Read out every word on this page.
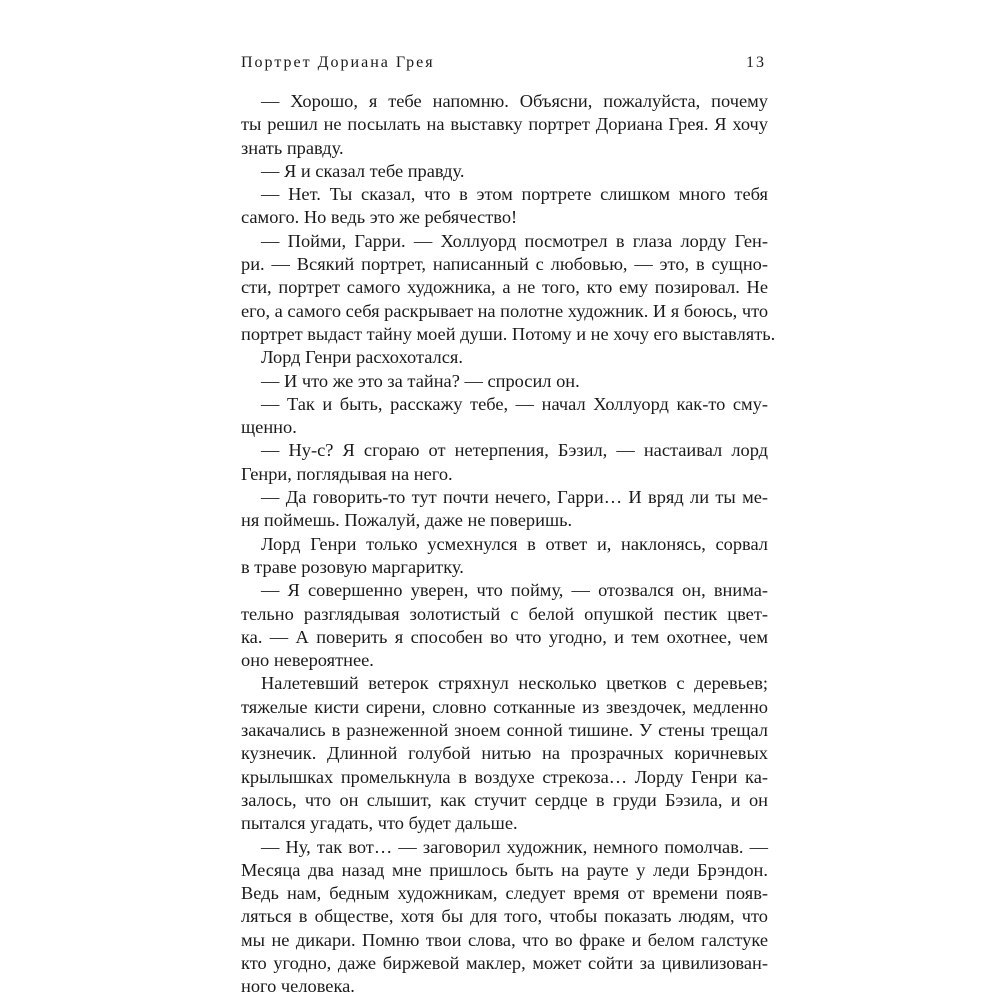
Портрет Дориана Грея	13
— Хорошо, я тебе напомню. Объясни, пожалуйста, почему
ты решил не посылать на выставку портрет Дориана Грея. Я хочу
знать правду.
— Я и сказал тебе правду.
— Нет. Ты сказал, что в этом портрете слишком много тебя
самого. Но ведь это же ребячество!
— Пойми, Гарри. — Холлуорд посмотрел в глаза лорду Ген-
ри. — Всякий портрет, написанный с любовью, — это, в сущно-
сти, портрет самого художника, а не того, кто ему позировал. Не
его, а самого себя раскрывает на полотне художник. И я боюсь, что
портрет выдаст тайну моей души. Потому и не хочу его выставлять.
Лорд Генри расхохотался.
— И что же это за тайна? — спросил он.
— Так и быть, расскажу тебе, — начал Холлуорд как-то сму-
щенно.
— Ну-с? Я сгораю от нетерпения, Бэзил, — настаивал лорд
Генри, поглядывая на него.
— Да говорить-то тут почти нечего, Гарри… И вряд ли ты ме-
ня поймешь. Пожалуй, даже не поверишь.
Лорд Генри только усмехнулся в ответ и, наклонясь, сорвал
в траве розовую маргаритку.
— Я совершенно уверен, что пойму, — отозвался он, внима-
тельно разглядывая золотистый с белой опушкой пестик цвет-
ка. — А поверить я способен во что угодно, и тем охотнее, чем
оно невероятнее.
Налетевший ветерок стряхнул несколько цветков с деревьев;
тяжелые кисти сирени, словно сотканные из звездочек, медленно
закачались в разнеженной зноем сонной тишине. У стены трещал
кузнечик. Длинной голубой нитью на прозрачных коричневых
крылышках промелькнула в воздухе стрекоза… Лорду Генри ка-
залось, что он слышит, как стучит сердце в груди Бэзила, и он
пытался угадать, что будет дальше.
— Ну, так вот… — заговорил художник, немного помолчав. —
Месяца два назад мне пришлось быть на рауте у леди Брэндон.
Ведь нам, бедным художникам, следует время от времени появ-
ляться в обществе, хотя бы для того, чтобы показать людям, что
мы не дикари. Помню твои слова, что во фраке и белом галстуке
кто угодно, даже биржевой маклер, может сойти за цивилизован-
ного человека.
